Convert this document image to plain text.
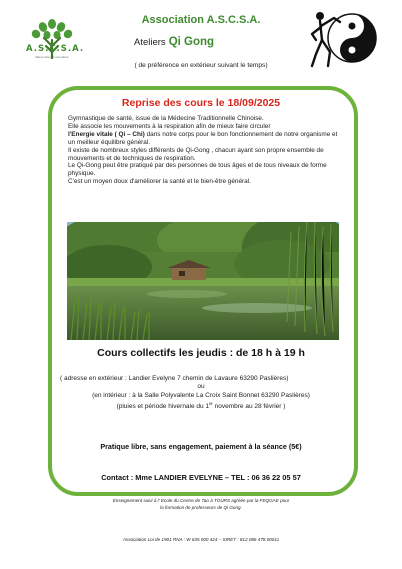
A.S.C.S.A.
Mieux être par soi-même
Association A.S.C.S.A.
Ateliers Qi Gong
( de préférence en extérieur suivant le temps)
Reprise des cours le 18/09/2025

Gymnastique de santé, issue de la Médecine Traditionnelle Chinoise.

Elle associe les mouvements à la respiration afin de mieux faire circuler

l'Energie vitale ( Qi – Chi) dans notre corps pour le bon fonctionnement de notre organisme et un meilleur équilibre général.

Il existe de nombreux styles différents de Qi-Gong , chacun ayant son propre ensemble de mouvements et de techniques de respiration.

Le Qi-Gong peut être pratiqué par des personnes de tous âges et de tous niveaux de forme physique.

C'est un moyen doux d'améliorer la santé et le bien-être général.

Cours collectifs les jeudis : de 18 h à 19 h
( adresse en extérieur : Landier Evelyne 7 chemin de Lavaure 63290 Paslières)
ou
(en intérieur : à la Salle Polyvalente La Croix Saint Bonnet 63290 Paslières)
(pluies et période hivernale du 1er novembre au 28 février )
Pratique libre, sans engagement, paiement à la séance (5€)
Contact : Mme LANDIER EVELYNE – TEL : 06 36 22 05 57
Enseignement suivi à l' Ecole du Centre de Tao à TOURS agréée par la FEQGAE pour
la formation de professeurs de Qi Gong.
Association Loi de 1901 RNA : W 635 000 424 – SIRET : 812 086 478 00011
